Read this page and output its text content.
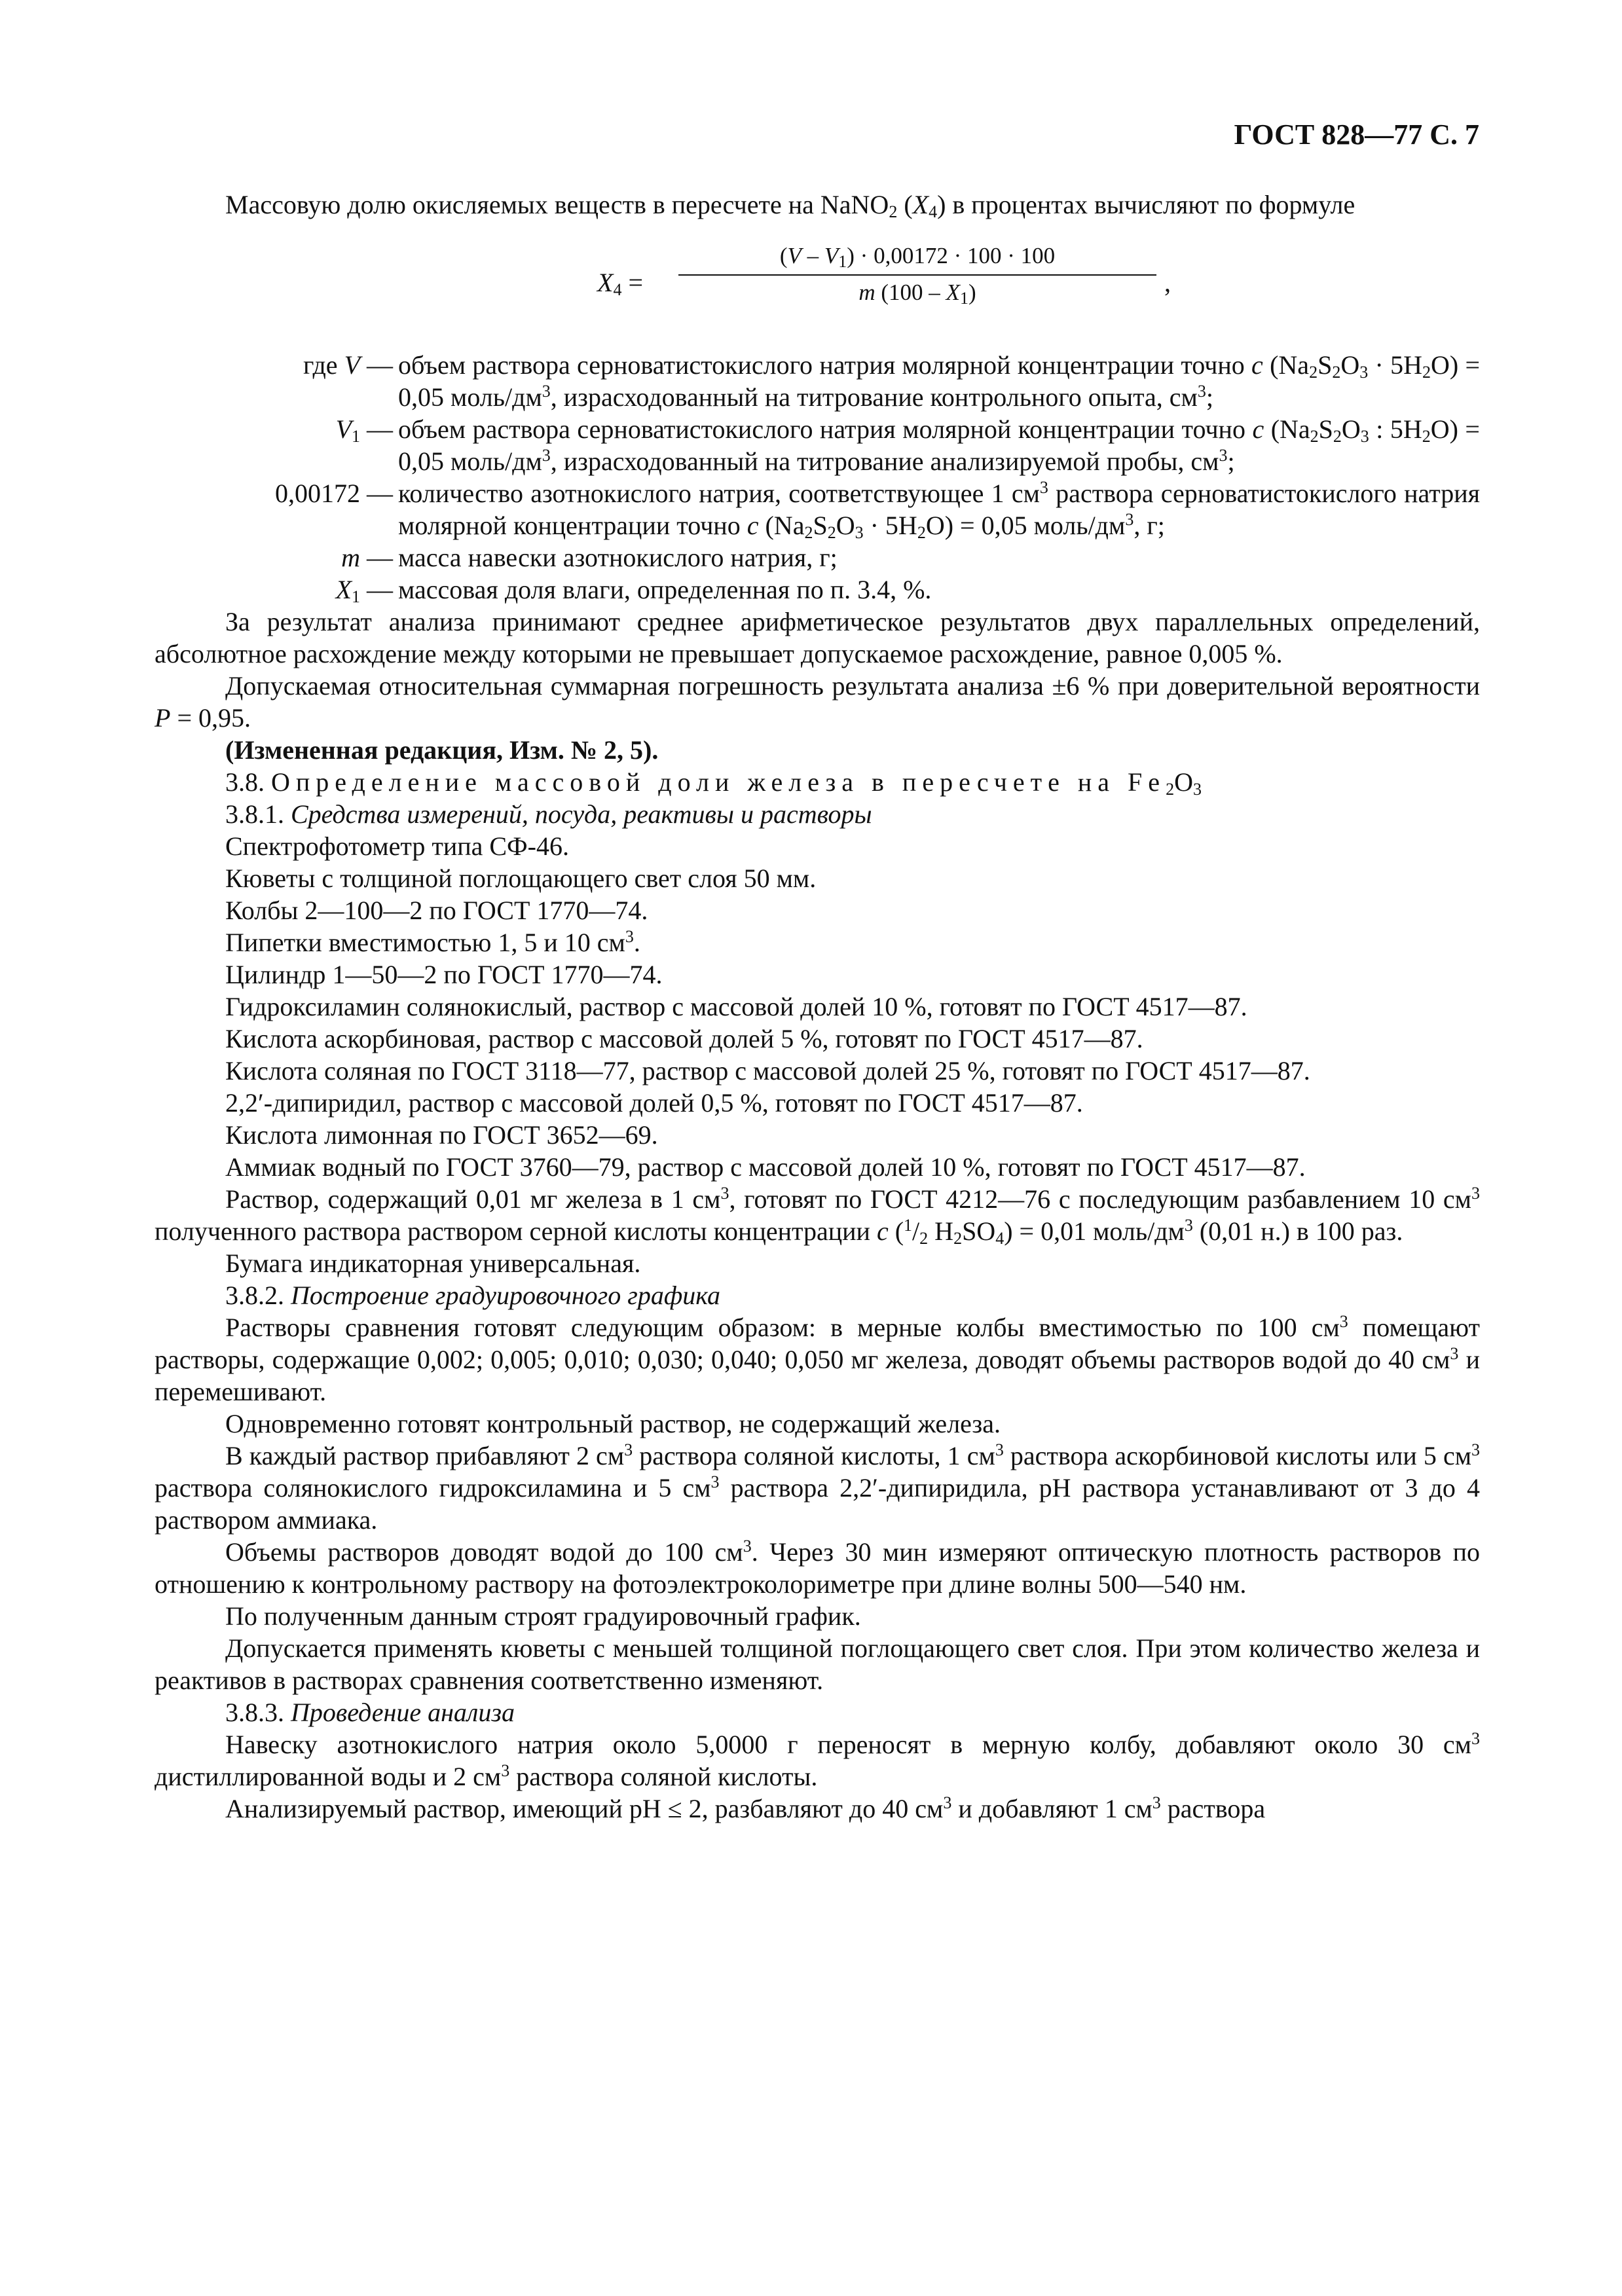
ГОСТ 828—77 С. 7

Массовую долю окисляемых веществ в пересчете на NaNO$_2$ $(X_4)$ в процентах вычисляют по формуле

$X_4$ =
$(V - V_1) \cdot 0,00172 \cdot 100 \cdot 100$
m $(100 - X_1)$	,
где V — объем раствора серноватистокислого натрия молярной концентрации точно c $(Na_2S_2O_3 \cdot 5H_2O) = 0,05$ моль/$дм^3$, израсходованный на титрование контрольного опыта, $см^3$;
$V_1$ — объем раствора серноватистокислого натрия молярной концентрации точно c ($Na_2S_2O_3$ : $5H_2O) = 0,05$ моль/$дм^3$, израсходованный на титрование анализируемой пробы, $см^3$;
0,00172 — количество азотнокислого натрия, соответствующее 1 $см^3$ раствора серноватистокислого натрия молярной концентрации точно c $(Na_2S_2O_3 \cdot 5H_2O) = 0,05$ моль/$дм^3$, г;
m — масса навески азотнокислого натрия, г;
$X_1$ — массовая доля влаги, определенная по п. 3.4, %.

За результат анализа принимают среднее арифметическое результатов двух параллельных определений, абсолютное расхождение между которыми не превышает допускаемое расхождение, равное 0,005 %.

Допускаемая относительная суммарная погрешность результата анализа ±6 % при доверительной вероятности P = 0,95.

(Измененная редакция, Изм. № 2, 5).

3.8. Определение массовой доли железа в пересчете на $Fe_2O_3$

3.8.1. Средства измерений, посуда, реактивы и растворы

Спектрофотометр типа СФ-46.

Кюветы с толщиной поглощающего свет слоя 50 мм.

Колбы 2—100—2 по ГОСТ 1770—74.

Пипетки вместимостью 1, 5 и 10 $см^3$.

Цилиндр 1—50—2 по ГОСТ 1770—74.

Гидроксиламин солянокислый, раствор с массовой долей 10 %, готовят по ГОСТ 4517—87.

Кислота аскорбиновая, раствор с массовой долей 5 %, готовят по ГОСТ 4517—87.

Кислота соляная по ГОСТ 3118—77, раствор с массовой долей 25 %, готовят по ГОСТ 4517—87.

2,2′-дипиридил, раствор с массовой долей 0,5 %, готовят по ГОСТ 4517—87.

Кислота лимонная по ГОСТ 3652—69.

Аммиак водный по ГОСТ 3760—79, раствор с массовой долей 10 %, готовят по ГОСТ 4517—87.

Раствор, содержащий 0,01 мг железа в 1 $см^3$, готовят по ГОСТ 4212—76 с последующим разбавлением 10 $см^3$ полученного раствора раствором серной кислоты концентрации c ($^1/_2$ $H_2SO_4) = 0,01$ моль/$дм^3$ (0,01 н.) в 100 раз.

Бумага индикаторная универсальная.

3.8.2. Построение градуировочного графика

Растворы сравнения готовят следующим образом: в мерные колбы вместимостью по 100 $см^3$ помещают растворы, содержащие 0,002; 0,005; 0,010; 0,030; 0,040; 0,050 мг железа, доводят объемы растворов водой до 40 $см^3$ и перемешивают.

Одновременно готовят контрольный раствор, не содержащий железа.

В каждый раствор прибавляют 2 $см^3$ раствора соляной кислоты, 1 $см^3$ раствора аскорбиновой кислоты или 5 $см^3$ раствора солянокислого гидроксиламина и 5 $см^3$ раствора 2,2′-дипиридила, pH раствора устанавливают от 3 до 4 раствором аммиака.

Объемы растворов доводят водой до 100 $см^3$. Через 30 мин измеряют оптическую плотность растворов по отношению к контрольному раствору на фотоэлектроколориметре при длине волны 500—540 нм.

По полученным данным строят градуировочный график.

Допускается применять кюветы с меньшей толщиной поглощающего свет слоя. При этом количество железа и реактивов в растворах сравнения соответственно изменяют.

3.8.3. Проведение анализа

Навеску азотнокислого натрия около 5,0000 г переносят в мерную колбу, добавляют около 30 $см^3$ дистиллированной воды и 2 $см^3$ раствора соляной кислоты.

Анализируемый раствор, имеющий pH ≤ 2, разбавляют до 40 $см^3$ и добавляют 1 $см^3$ раствора
